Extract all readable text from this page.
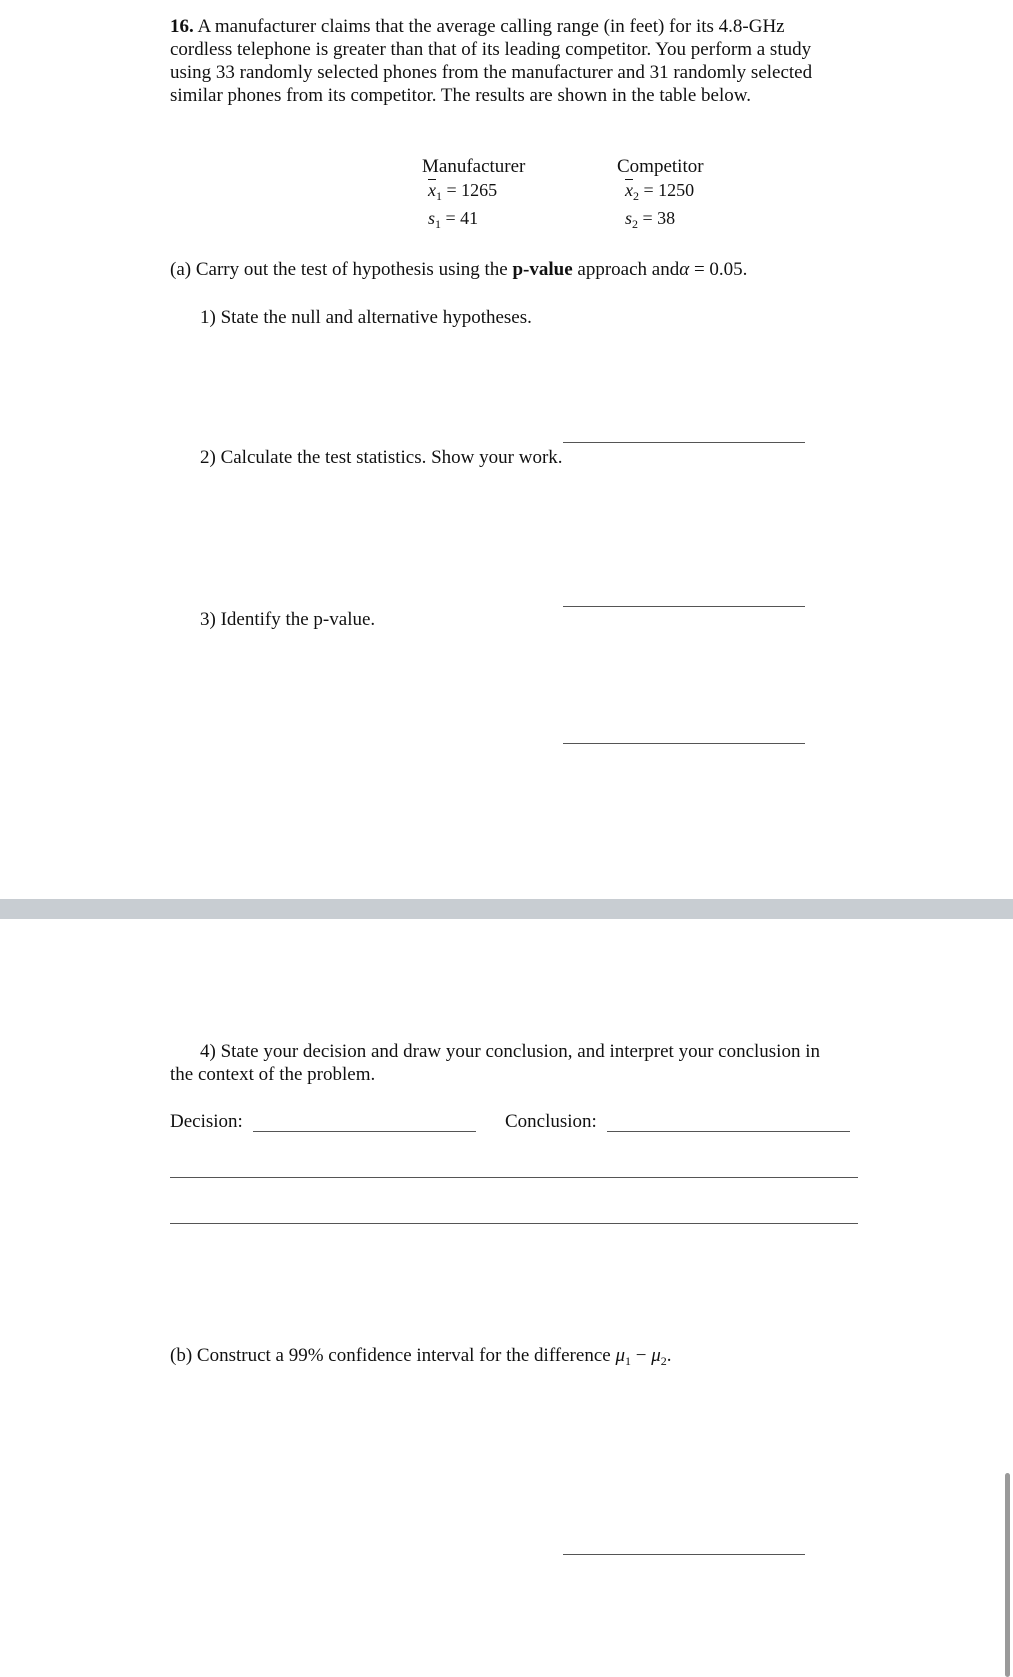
16. A manufacturer claims that the average calling range (in feet) for its 4.8-GHz
cordless telephone is greater than that of its leading competitor. You perform a study
using 33 randomly selected phones from the manufacturer and 31 randomly selected
similar phones from its competitor. The results are shown in the table below.
Manufacturer
$\overline{x}_1 = 1265$
$s_1 = 41$
Competitor
$\overline{x}_2 = 1250$
$s_2 = 38$
(a) Carry out the test of hypothesis using the p-value approach andα = 0.05.
1) State the null and alternative hypotheses.
2) Calculate the test statistics. Show your work.
3) Identify the p-value.
4) State your decision and draw your conclusion, and interpret your conclusion in
the context of the problem.
Decision:	Conclusion:
(b) Construct a 99% confidence interval for the difference $\mu_1 - \mu_2$.
